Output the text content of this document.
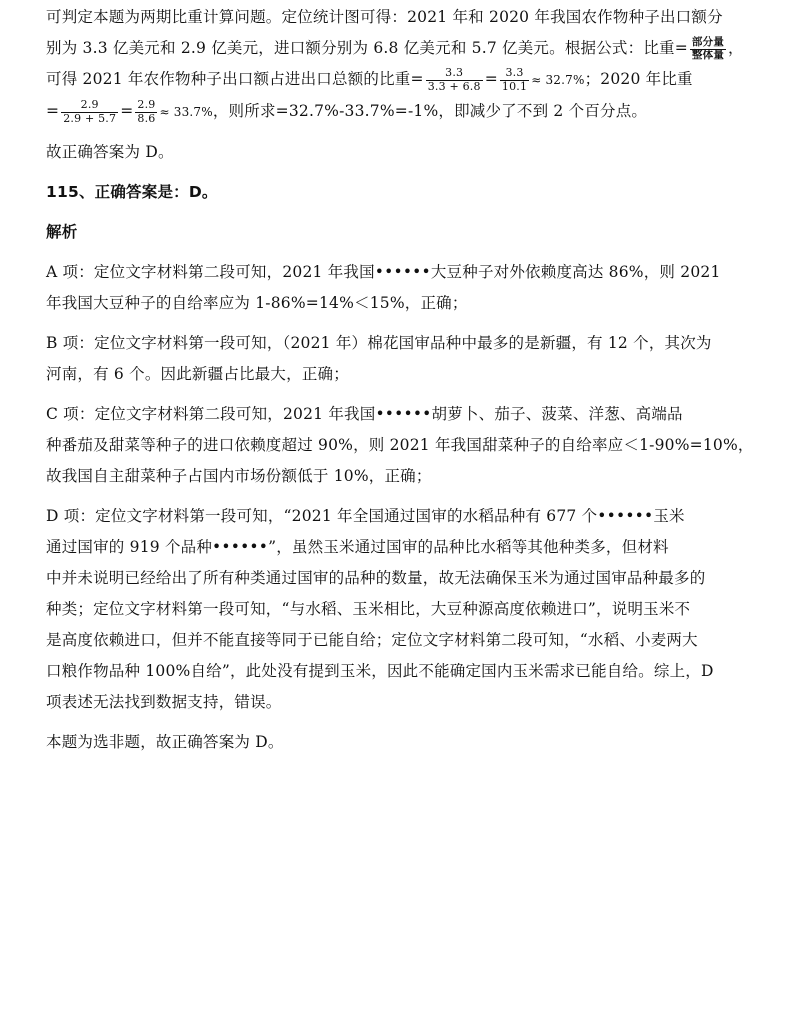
可判定本题为两期比重计算问题。定位统计图可得：2021 年和 2020 年我国农作物种子出口额分
别为 3.3 亿美元和 2.9 亿美元，进口额分别为 6.8 亿美元和 5.7 亿美元。根据公式：比重= $\frac{\text{部分量}}{\text{整体量}}$ ，
可得 2021 年农作物种子出口额占进出口总额的比重= $\frac{3.3}{3.3 + 6.8} = \frac{3.3}{10.1} \approx 32.7\%$；2020 年比重
= $\frac{2.9}{2.9 + 5.7} = \frac{2.9}{8.6} \approx 33.7\%$，则所求=32.7%-33.7%=-1%，即减少了不到 2 个百分点。

故正确答案为 D。

115、正确答案是：D。

解析

A 项：定位文字材料第二段可知，2021 年我国••••••大豆种子对外依赖度高达 86%，则 2021
年我国大豆种子的自给率应为 1-86%=14%＜15%，正确；

B 项：定位文字材料第一段可知，（2021 年）棉花国审品种中最多的是新疆，有 12 个，其次为
河南，有 6 个。因此新疆占比最大，正确；

C 项：定位文字材料第二段可知，2021 年我国••••••胡萝卜、茄子、菠菜、洋葱、高端品
种番茄及甜菜等种子的进口依赖度超过 90%，则 2021 年我国甜菜种子的自给率应＜1-90%=10%，
故我国自主甜菜种子占国内市场份额低于 10%，正确；

D 项：定位文字材料第一段可知，“2021 年全国通过国审的水稻品种有 677 个••••••玉米
通过国审的 919 个品种••••••”，虽然玉米通过国审的品种比水稻等其他种类多，但材料
中并未说明已经给出了所有种类通过国审的品种的数量，故无法确保玉米为通过国审品种最多的
种类；定位文字材料第一段可知，“与水稻、玉米相比，大豆种源高度依赖进口”，说明玉米不
是高度依赖进口，但并不能直接等同于已能自给；定位文字材料第二段可知，“水稻、小麦两大
口粮作物品种 100%自给”，此处没有提到玉米，因此不能确定国内玉米需求已能自给。综上，D
项表述无法找到数据支持，错误。

本题为选非题，故正确答案为 D。
